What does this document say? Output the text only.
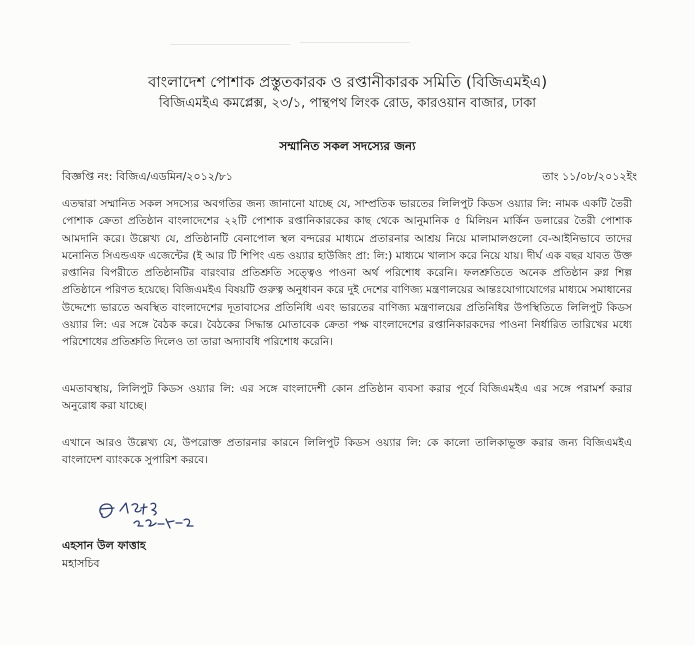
বাংলাদেশ পোশাক প্রস্তুতকারক ও রপ্তানীকারক সমিতি (বিজিএমইএ)
বিজিএমইএ কমপ্লেক্স, ২৩/১, পান্থপথ লিংক রোড, কারওয়ান বাজার, ঢাকা
সম্মানিত সকল সদস্যের জন্য
বিজ্ঞপ্তি নং: বিজিএ/এডমিন/২০১২/৮১	তাং ১১/০৮/২০১২ইং

এতদ্বারা সম্মানিত সকল সদস্যের অবগতির জন্য জানানো যাচ্ছে যে, সাম্প্রতিক ভারতের লিলিপুট কিডস ওয়্যার লি: নামক একটি তৈরী পোশাক ক্রেতা প্রতিষ্ঠান বাংলাদেশের ২২টি পোশাক রপ্তানিকারকের কাছ থেকে আনুমানিক ৫ মিলিয়ন মার্কিন ডলারের তৈরী পোশাক আমদানি করে। উল্লেখ্য যে, প্রতিষ্ঠানটি বেনাপোল স্থল বন্দরের মাধ্যমে প্রতারনার আশ্রয় নিয়ে মালামালগুলো বে-আইনিভাবে তাদের মনোনিত সিএন্ডএফ এজেন্টের (ই আর টি শিপিং এন্ড ওয়্যার হাউজিং প্রা: লি:) মাধ্যমে খালাস করে নিয়ে যায়। দীর্ঘ এক বছর যাবত উক্ত রপ্তানির বিপরীতে প্রতিষ্ঠানটির বারংবার প্রতিশ্রুতি সত্ত্বেও পাওনা অর্থ পরিশোধ করেনি। ফলশ্রুতিতে অনেক প্রতিষ্ঠান রুগ্ন শিল্প প্রতিষ্ঠানে পরিণত হয়েছে। বিজিএমইএ বিষয়টি গুরুত্ব অনুধাবন করে দুই দেশের বাণিজ্য মন্ত্রণালয়ের আন্তঃযোগাযোগের মাধ্যমে সমাধানের উদ্দেশ্যে ভারতে অবস্থিত বাংলাদেশের দূতাবাসের প্রতিনিধি এবং ভারতের বাণিজ্য মন্ত্রণালয়ের প্রতিনিধির উপস্থিতিতে লিলিপুট কিডস ওয়্যার লি: এর সঙ্গে বৈঠক করে। বৈঠকের সিদ্ধান্ত মোতাবেক ক্রেতা পক্ষ বাংলাদেশের রপ্তানিকারকদের পাওনা নির্ধারিত তারিখের মধ্যে পরিশোধের প্রতিশ্রুতি দিলেও তা তারা অদ্যাবধি পরিশোধ করেনি।

এমতাবস্থায়, লিলিপুট কিডস ওয়্যার লি: এর সঙ্গে বাংলাদেশী কোন প্রতিষ্ঠান ব্যবসা করার পূর্বে বিজিএমইএ এর সঙ্গে পরামর্শ করার অনুরোধ করা যাচ্ছে।

এখানে আরও উল্লেখ্য যে, উপরোক্ত প্রতারনার কারনে লিলিপুট কিডস ওয়্যার লি: কে কালো তালিকাভূক্ত করার জন্য বিজিএমইএ বাংলাদেশ ব্যাংককে সুপারিশ করবে।

এহসান উল ফাত্তাহ
মহাসচিব
